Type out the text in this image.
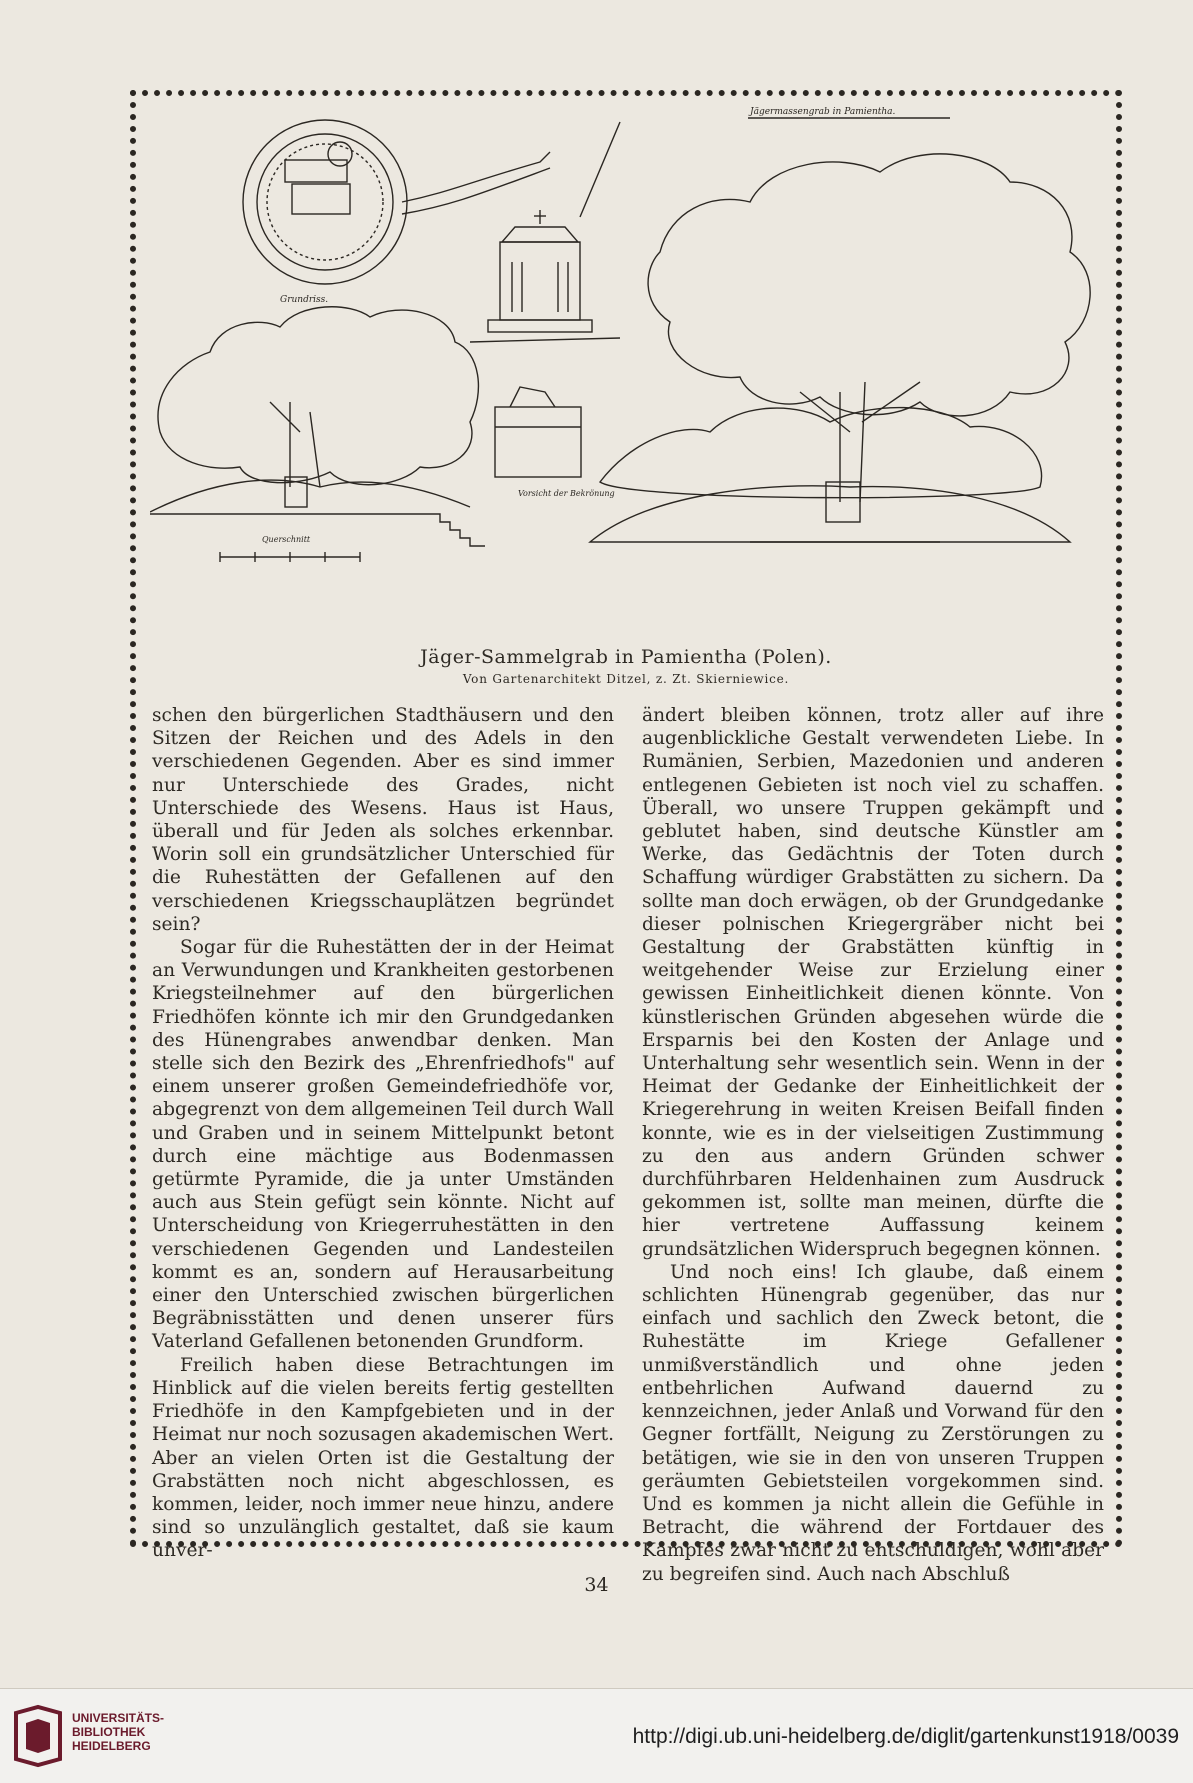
Jägermassengrab in Pamientha.
Grundriss.
Vorsicht der Bekrönung
Querschnitt
Jäger-Sammelgrab in Pamientha (Polen).
Von Gartenarchitekt Ditzel, z. Zt. Skierniewice.

schen den bürgerlichen Stadthäusern und den Sitzen der Reichen und des Adels in den verschiedenen Gegenden. Aber es sind immer nur Unterschiede des Grades, nicht Unterschiede des Wesens. Haus ist Haus, überall und für Jeden als solches erkennbar. Worin soll ein grundsätzlicher Unterschied für die Ruhestätten der Gefallenen auf den verschiedenen Kriegsschauplätzen begründet sein?

Sogar für die Ruhestätten der in der Heimat an Verwundungen und Krankheiten gestorbenen Kriegsteilnehmer auf den bürgerlichen Friedhöfen könnte ich mir den Grundgedanken des Hünengrabes anwendbar denken. Man stelle sich den Bezirk des „Ehrenfriedhofs" auf einem unserer großen Gemeindefriedhöfe vor, abgegrenzt von dem allgemeinen Teil durch Wall und Graben und in seinem Mittelpunkt betont durch eine mächtige aus Bodenmassen getürmte Pyramide, die ja unter Umständen auch aus Stein gefügt sein könnte. Nicht auf Unterscheidung von Kriegerruhestätten in den verschiedenen Gegenden und Landesteilen kommt es an, sondern auf Herausarbeitung einer den Unterschied zwischen bürgerlichen Begräbnisstätten und denen unserer fürs Vaterland Gefallenen betonenden Grundform.

Freilich haben diese Betrachtungen im Hinblick auf die vielen bereits fertig gestellten Friedhöfe in den Kampfgebieten und in der Heimat nur noch sozusagen akademischen Wert. Aber an vielen Orten ist die Gestaltung der Grabstätten noch nicht abgeschlossen, es kommen, leider, noch immer neue hinzu, andere sind so unzulänglich gestaltet, daß sie kaum unver-

ändert bleiben können, trotz aller auf ihre augenblickliche Gestalt verwendeten Liebe. In Rumänien, Serbien, Mazedonien und anderen entlegenen Gebieten ist noch viel zu schaffen. Überall, wo unsere Truppen gekämpft und geblutet haben, sind deutsche Künstler am Werke, das Gedächtnis der Toten durch Schaffung würdiger Grabstätten zu sichern. Da sollte man doch erwägen, ob der Grundgedanke dieser polnischen Kriegergräber nicht bei Gestaltung der Grabstätten künftig in weitgehender Weise zur Erzielung einer gewissen Einheitlichkeit dienen könnte. Von künstlerischen Gründen abgesehen würde die Ersparnis bei den Kosten der Anlage und Unterhaltung sehr wesentlich sein. Wenn in der Heimat der Gedanke der Einheitlichkeit der Kriegerehrung in weiten Kreisen Beifall finden konnte, wie es in der vielseitigen Zustimmung zu den aus andern Gründen schwer durchführbaren Heldenhainen zum Ausdruck gekommen ist, sollte man meinen, dürfte die hier vertretene Auffassung keinem grundsätzlichen Widerspruch begegnen können.

Und noch eins! Ich glaube, daß einem schlichten Hünengrab gegenüber, das nur einfach und sachlich den Zweck betont, die Ruhestätte im Kriege Gefallener unmißverständlich und ohne jeden entbehrlichen Aufwand dauernd zu kennzeichnen, jeder Anlaß und Vorwand für den Gegner fortfällt, Neigung zu Zerstörungen zu betätigen, wie sie in den von unseren Truppen geräumten Gebietsteilen vorgekommen sind. Und es kommen ja nicht allein die Gefühle in Betracht, die während der Fortdauer des Kampfes zwar nicht zu entschuldigen, wohl aber zu begreifen sind. Auch nach Abschluß

34
UNIVERSITÄTS-
BIBLIOTHEK
HEIDELBERG	http://digi.ub.uni-heidelberg.de/diglit/gartenkunst1918/0039
